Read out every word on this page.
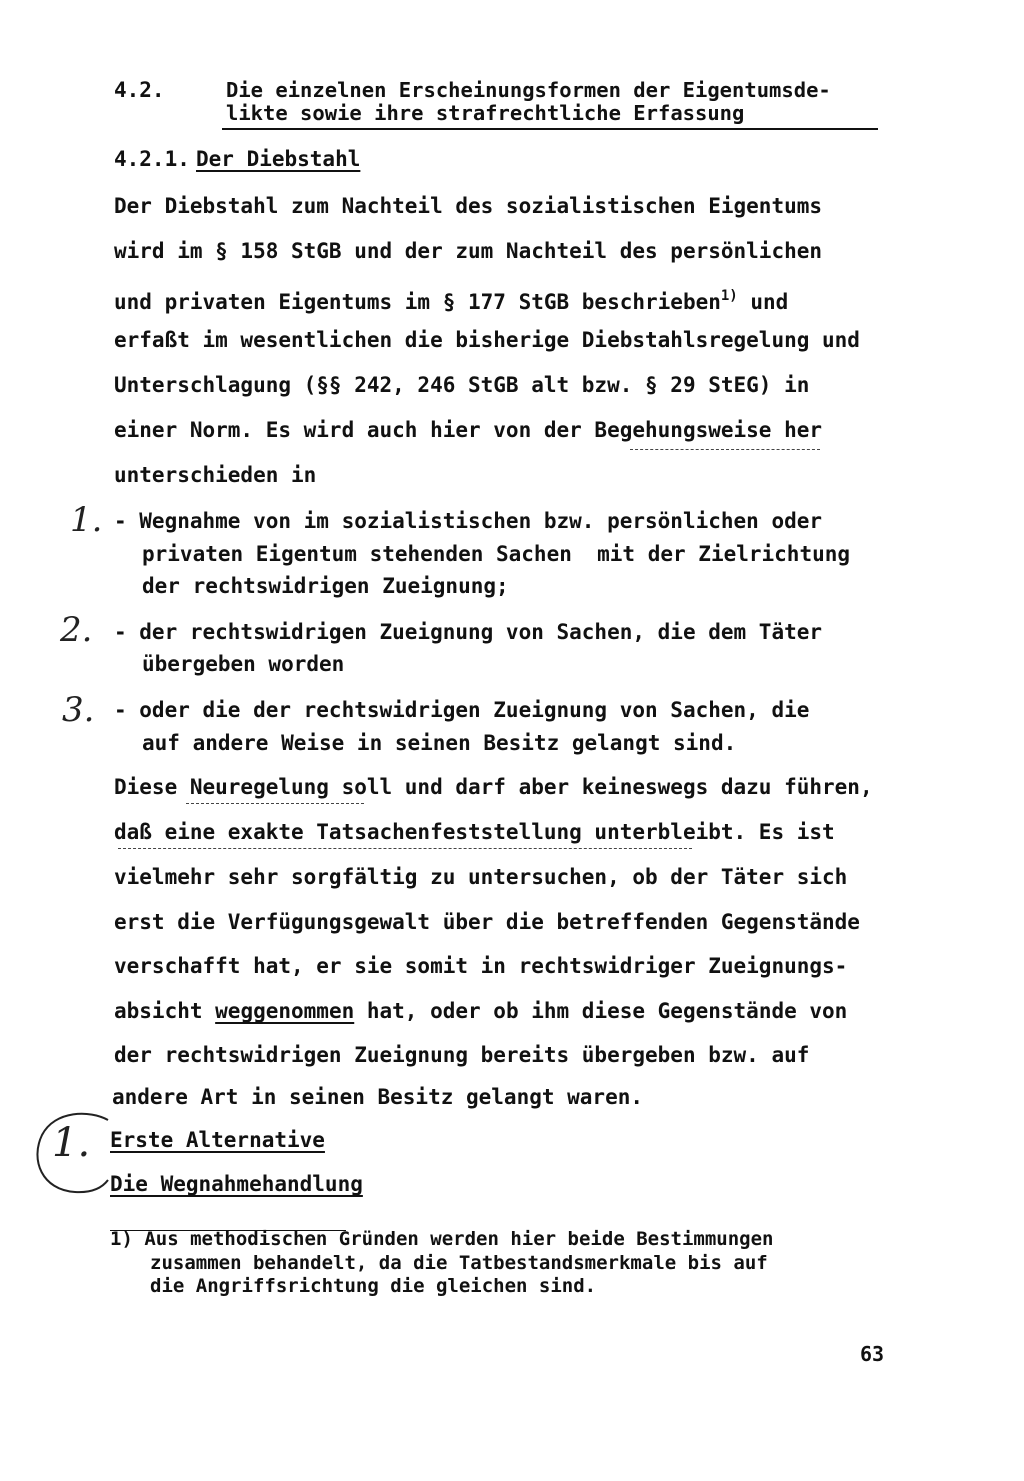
4.2.	Die einzelnen Erscheinungsformen der Eigentumsde-
likte sowie ihre strafrechtliche Erfassung
4.2.1. Der Diebstahl
Der Diebstahl zum Nachteil des sozialistischen Eigentums
wird im § 158 StGB und der zum Nachteil des persönlichen
und privaten Eigentums im § 177 StGB beschrieben$^{1)}$ und
erfaßt im wesentlichen die bisherige Diebstahlsregelung und
Unterschlagung (§§ 242, 246 StGB alt bzw. § 29 StEG) in
einer Norm. Es wird auch hier von der Begehungsweise her
unterschieden in
1. - Wegnahme von im sozialistischen bzw. persönlichen oder
privaten Eigentum stehenden Sachen  mit der Zielrichtung
der rechtswidrigen Zueignung;
2. - der rechtswidrigen Zueignung von Sachen, die dem Täter
übergeben worden
3. - oder die der rechtswidrigen Zueignung von Sachen, die
auf andere Weise in seinen Besitz gelangt sind.
Diese Neuregelung soll und darf aber keineswegs dazu führen,
daß eine exakte Tatsachenfeststellung unterbleibt. Es ist
vielmehr sehr sorgfältig zu untersuchen, ob der Täter sich
erst die Verfügungsgewalt über die betreffenden Gegenstände
verschafft hat, er sie somit in rechtswidriger Zueignungs-
absicht weggenommen hat, oder ob ihm diese Gegenstände von
der rechtswidrigen Zueignung bereits übergeben bzw. auf
andere Art in seinen Besitz gelangt waren.
1. Erste Alternative
Die Wegnahmehandlung
1) Aus methodischen Gründen werden hier beide Bestimmungen
zusammen behandelt, da die Tatbestandsmerkmale bis auf
die Angriffsrichtung die gleichen sind.
63
